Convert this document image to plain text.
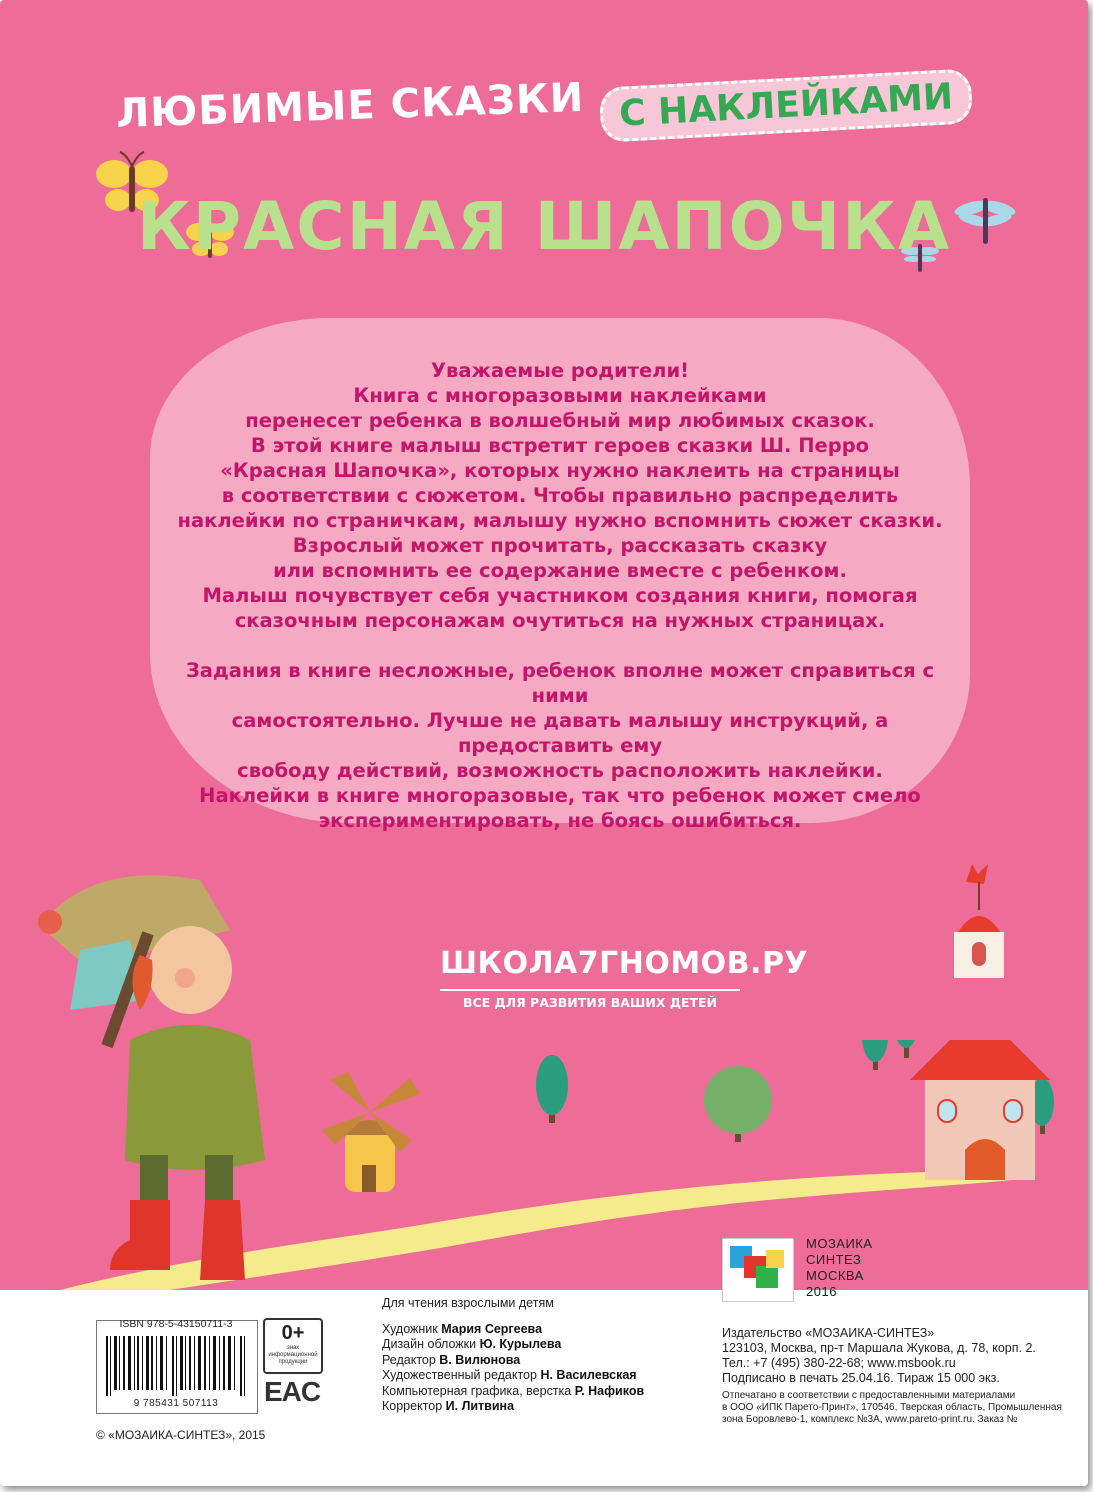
ЛЮБИМЫЕ СКАЗКИ С НАКЛЕЙКАМИ
КРАСНАЯ ШАПОЧКА

Уважаемые родители!

Книга с многоразовыми наклейками

перенесет ребенка в волшебный мир любимых сказок.

В этой книге малыш встретит героев сказки Ш. Перро

«Красная Шапочка», которых нужно наклеить на страницы

в соответствии с сюжетом. Чтобы правильно распределить

наклейки по страничкам, малышу нужно вспомнить сюжет сказки.

Взрослый может прочитать, рассказать сказку

или вспомнить ее содержание вместе с ребенком.

Малыш почувствует себя участником создания книги, помогая

сказочным персонажам очутиться на нужных страницах.

Задания в книге несложные, ребенок вполне может справиться с ними

самостоятельно. Лучше не давать малышу инструкций, а предоставить ему

свободу действий, возможность расположить наклейки.

Наклейки в книге многоразовые, так что ребенок может смело

экспериментировать, не боясь ошибиться.

ШКОЛА7ГНОМОВ.РУ
ВСЕ ДЛЯ РАЗВИТИЯ ВАШИХ ДЕТЕЙ
МОЗАИКА
СИНТЕЗ
МОСКВА
2016
Для чтения взрослыми детям
Художник Мария Сергеева
Дизайн обложки Ю. Курылева
Редактор В. Вилюнова
Художественный редактор Н. Василевская
Компьютерная графика, верстка Р. Нафиков
Корректор И. Литвина
Издательство «МОЗАИКА-СИНТЕЗ»
123103, Москва, пр-т Маршала Жукова, д. 78, корп. 2.
Тел.: +7 (495) 380-22-68; www.msbook.ru
Подписано в печать 25.04.16. Тираж 15 000 экз.
Отпечатано в соответствии с предоставленными материалами
в ООО «ИПК Парето-Принт», 170546, Тверская область, Промышленная
зона Боровлево-1, комплекс №3А, www.pareto-print.ru. Заказ №
ISBN 978-5-43150711-3
9 785431 507113
0+
знак информационной продукции
EAC
© «МОЗАИКА-СИНТЕЗ», 2015
